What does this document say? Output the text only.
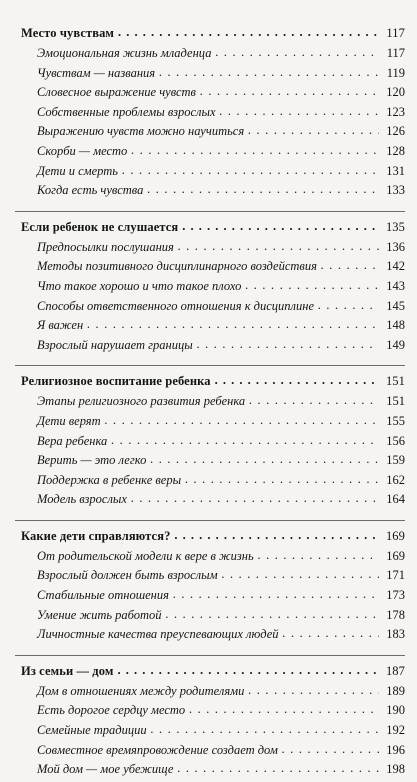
Место чувствам . . .	117
Эмоциональная жизнь младенца . . .	117
Чувствам — названия . . .	119
Словесное выражение чувств . . .	120
Собственные проблемы взрослых . . .	123
Выражению чувств можно научиться . . .	126
Скорби — место . . .	128
Дети и смерть . . .	131
Когда есть чувства . . .	133
Если ребенок не слушается . . .	135
Предпосылки послушания . . .	136
Методы позитивного дисциплинарного воздействия . . .	142
Что такое хорошо и что такое плохо . . .	143
Способы ответственного отношения к дисциплине . . .	145
Я важен . . .	148
Взрослый нарушает границы . . .	149
Религиозное воспитание ребенка . . .	151
Этапы религиозного развития ребенка . . .	151
Дети верят . . .	155
Вера ребенка . . .	156
Верить — это легко . . .	159
Поддержка в ребенке веры . . .	162
Модель взрослых . . .	164
Какие дети справляются? . . .	169
От родительской модели к вере в жизнь . . .	169
Взрослый должен быть взрослым . . .	171
Стабильные отношения . . .	173
Умение жить работой . . .	178
Личностные качества преуспевающих людей . . .	183
Из семьи — дом . . .	187
Дом в отношениях между родителями . . .	189
Есть дорогое сердцу место . . .	190
Семейные традиции . . .	192
Совместное времяпровождение создает дом . . .	196
Мой дом — мое убежище . . .	198
